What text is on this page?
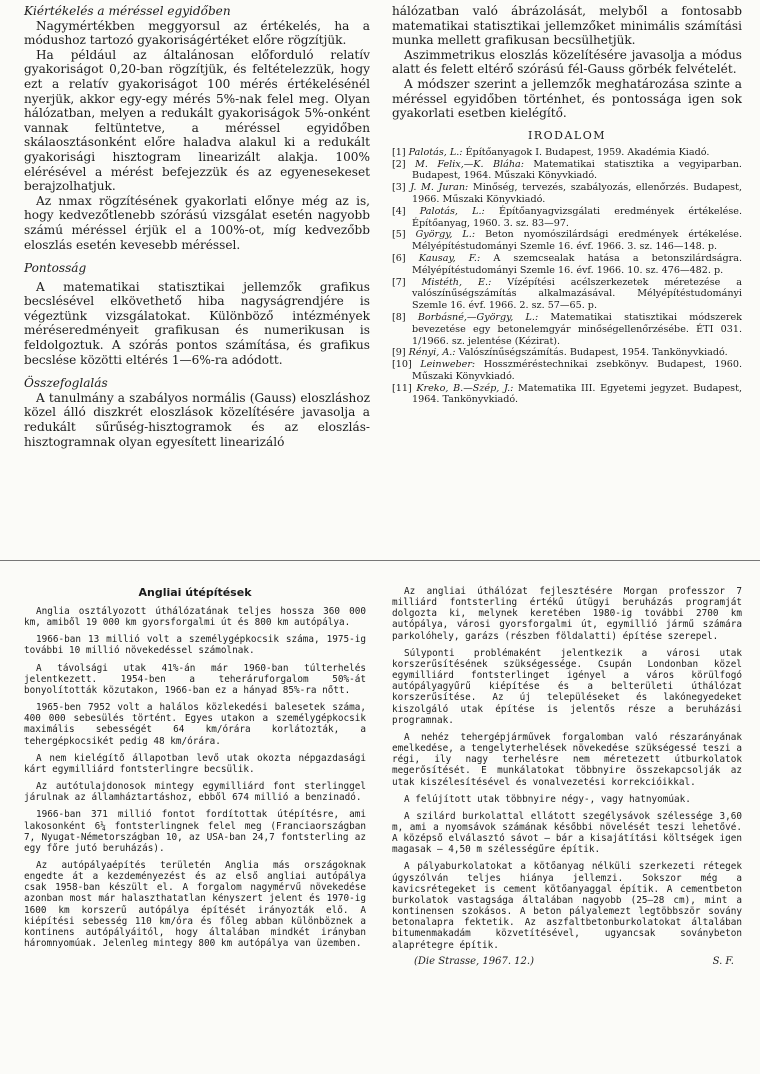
Kiértékelés a méréssel egyidőben

Nagymértékben meggyorsul az értékelés, ha a módushoz tartozó gyakoriságértéket előre rögzítjük.

Ha például az általánosan előforduló relatív gyakoriságot 0,20-ban rögzítjük, és feltételezzük, hogy ezt a relatív gyakoriságot 100 mérés értékelésénél nyerjük, akkor egy-egy mérés 5%-nak felel meg. Olyan hálózatban, melyen a redukált gyakoriságok 5%-onként vannak feltüntetve, a méréssel egyidőben skálaosztásonként előre haladva alakul ki a redukált gyakorisági hisztogram linearizált alakja. 100% elérésével a mérést befejezzük és az egyenesekeset berajzolhatjuk.

Az nmax rögzítésének gyakorlati előnye még az is, hogy kedvezőtlenebb szórású vizsgálat esetén nagyobb számú méréssel érjük el a 100%-ot, míg kedvezőbb eloszlás esetén kevesebb méréssel.

Pontosság

A matematikai statisztikai jellemzők grafikus becslésével elkövethető hiba nagyságrendjére is végeztünk vizsgálatokat. Különböző intézmények méréseredményeit grafikusan és numerikusan is feldolgoztuk. A szórás pontos számítása, és grafikus becslése közötti eltérés 1—6%-ra adódott.

Összefoglalás

A tanulmány a szabályos normális (Gauss) eloszláshoz közel álló diszkrét eloszlások közelítésére javasolja a redukált sűrűség-hisztogramok és az eloszlás-hisztogramnak olyan egyesített linearizáló

hálózatban való ábrázolását, melyből a fontosabb matematikai statisztikai jellemzőket minimális számítási munka mellett grafikusan becsülhetjük.

Aszimmetrikus eloszlás közelítésére javasolja a módus alatt és felett eltérő szórású fél-Gauss görbék felvételét.

A módszer szerint a jellemzők meghatározása szinte a méréssel egyidőben történhet, és pontossága igen sok gyakorlati esetben kielégítő.

IRODALOM
[1] Palotás, L.: Építőanyagok I. Budapest, 1959. Akadémia Kiadó.
[2] M. Felix,—K. Bláha: Matematikai statisztika a vegyiparban. Budapest, 1964. Műszaki Könyvkiadó.
[3] J. M. Juran: Minőség, tervezés, szabályozás, ellenőrzés. Budapest, 1966. Műszaki Könyvkiadó.
[4] Palotás, L.: Építőanyagvizsgálati eredmények értékelése. Építőanyag, 1960. 3. sz. 83—97.
[5] György, L.: Beton nyomószilárdsági eredmények értékelése. Mélyépítéstudományi Szemle 16. évf. 1966. 3. sz. 146—148. p.
[6] Kausay, F.: A szemcsealak hatása a betonszilárdságra. Mélyépítéstudományi Szemle 16. évf. 1966. 10. sz. 476—482. p.
[7] Mistéth, E.: Vízépítési acélszerkezetek méretezése a valószínűségszámítás alkalmazásával. Mélyépítéstudományi Szemle 16. évf. 1966. 2. sz. 57—65. p.
[8] Borbásné,—György, L.: Matematikai statisztikai módszerek bevezetése egy betonelemgyár minőségellenőrzésébe. ÉTI 031. 1/1966. sz. jelentése (Kézirat).
[9] Rényi, A.: Valószínűségszámítás. Budapest, 1954. Tankönyvkiadó.
[10] Leinweber: Hosszméréstechnikai zsebkönyv. Budapest, 1960. Műszaki Könyvkiadó.
[11] Kreko, B.—Szép, J.: Matematika III. Egyetemi jegyzet. Budapest, 1964. Tankönyvkiadó.
Angliai útépítések

Anglia osztályozott úthálózatának teljes hossza 360 000 km, amiből 19 000 km gyorsforgalmi út és 800 km autópálya.

1966-ban 13 millió volt a személygépkocsik száma, 1975-ig további 10 millió növekedéssel számolnak.

A távolsági utak 41%-án már 1960-ban túlterhelés jelentkezett. 1954-ben a teheráruforgalom 50%-át bonyolították közutakon, 1966-ban ez a hányad 85%-ra nőtt.

1965-ben 7952 volt a halálos közlekedési balesetek száma, 400 000 sebesülés történt. Egyes utakon a személygépkocsik maximális sebességét 64 km/órára korlátozták, a tehergépkocsikét pedig 48 km/órára.

A nem kielégítő állapotban levő utak okozta népgazdasági kárt egymilliárd fontsterlingre becsülik.

Az autótulajdonosok mintegy egymilliárd font sterlinggel járulnak az államháztartáshoz, ebből 674 millió a benzinadó.

1966-ban 371 millió fontot fordítottak útépítésre, ami lakosonként 6¼ fontsterlingnek felel meg (Franciaországban 7, Nyugat-Németországban 10, az USA-ban 24,7 fontsterling az egy főre jutó beruházás).

Az autópályaépítés területén Anglia más országoknak engedte át a kezdeményezést és az első angliai autópálya csak 1958-ban készült el. A forgalom nagymérvű növekedése azonban most már halaszthatatlan kényszert jelent és 1970-ig 1600 km korszerű autópálya építését irányozták elő. A kiépítési sebesség 110 km/óra és főleg abban különböznek a kontinens autópályáitól, hogy általában mindkét irányban háromnyomúak. Jelenleg mintegy 800 km autópálya van üzemben.

Az angliai úthálózat fejlesztésére Morgan professzor 7 milliárd fontsterling értékű útügyi beruházás programját dolgozta ki, melynek keretében 1980-ig további 2700 km autópálya, városi gyorsforgalmi út, egymillió jármű számára parkolóhely, garázs (részben földalatti) építése szerepel.

Súlyponti problémaként jelentkezik a városi utak korszerűsítésének szükségessége. Csupán Londonban közel egymilliárd fontsterlinget igényel a város körülfogó autópályagyűrű kiépítése és a belterületi úthálózat korszerűsítése. Az új településeket és lakónegyedeket kiszolgáló utak építése is jelentős része a beruházási programnak.

A nehéz tehergépjárművek forgalomban való részarányának emelkedése, a tengelyterhelések növekedése szükségessé teszi a régi, ily nagy terhelésre nem méretezett útburkolatok megerősítését. E munkálatokat többnyire összekapcsolják az utak kiszélesítésével és vonalvezetési korrekcióikkal.

A felújított utak többnyire négy-, vagy hatnyomúak.

A szilárd burkolattal ellátott szegélysávok szélessége 3,60 m, ami a nyomsávok számának későbbi növelését teszi lehetővé. A középső elválasztó sávot — bár a kisajátítási költségek igen magasak — 4,50 m szélességűre építik.

A pályaburkolatokat a kötőanyag nélküli szerkezeti rétegek úgyszólván teljes hiánya jellemzi. Sokszor még a kavicsrétegeket is cement kötőanyaggal építik. A cementbeton burkolatok vastagsága általában nagyobb (25—28 cm), mint a kontinensen szokásos. A beton pályalemezt legtöbbször sovány betonalapra fektetik. Az aszfaltbetonburkolatokat általában bitumenmakadám közvetítésével, ugyancsak soványbeton alaprétegre építik.

(Die Strasse, 1967. 12.)	S. F.
